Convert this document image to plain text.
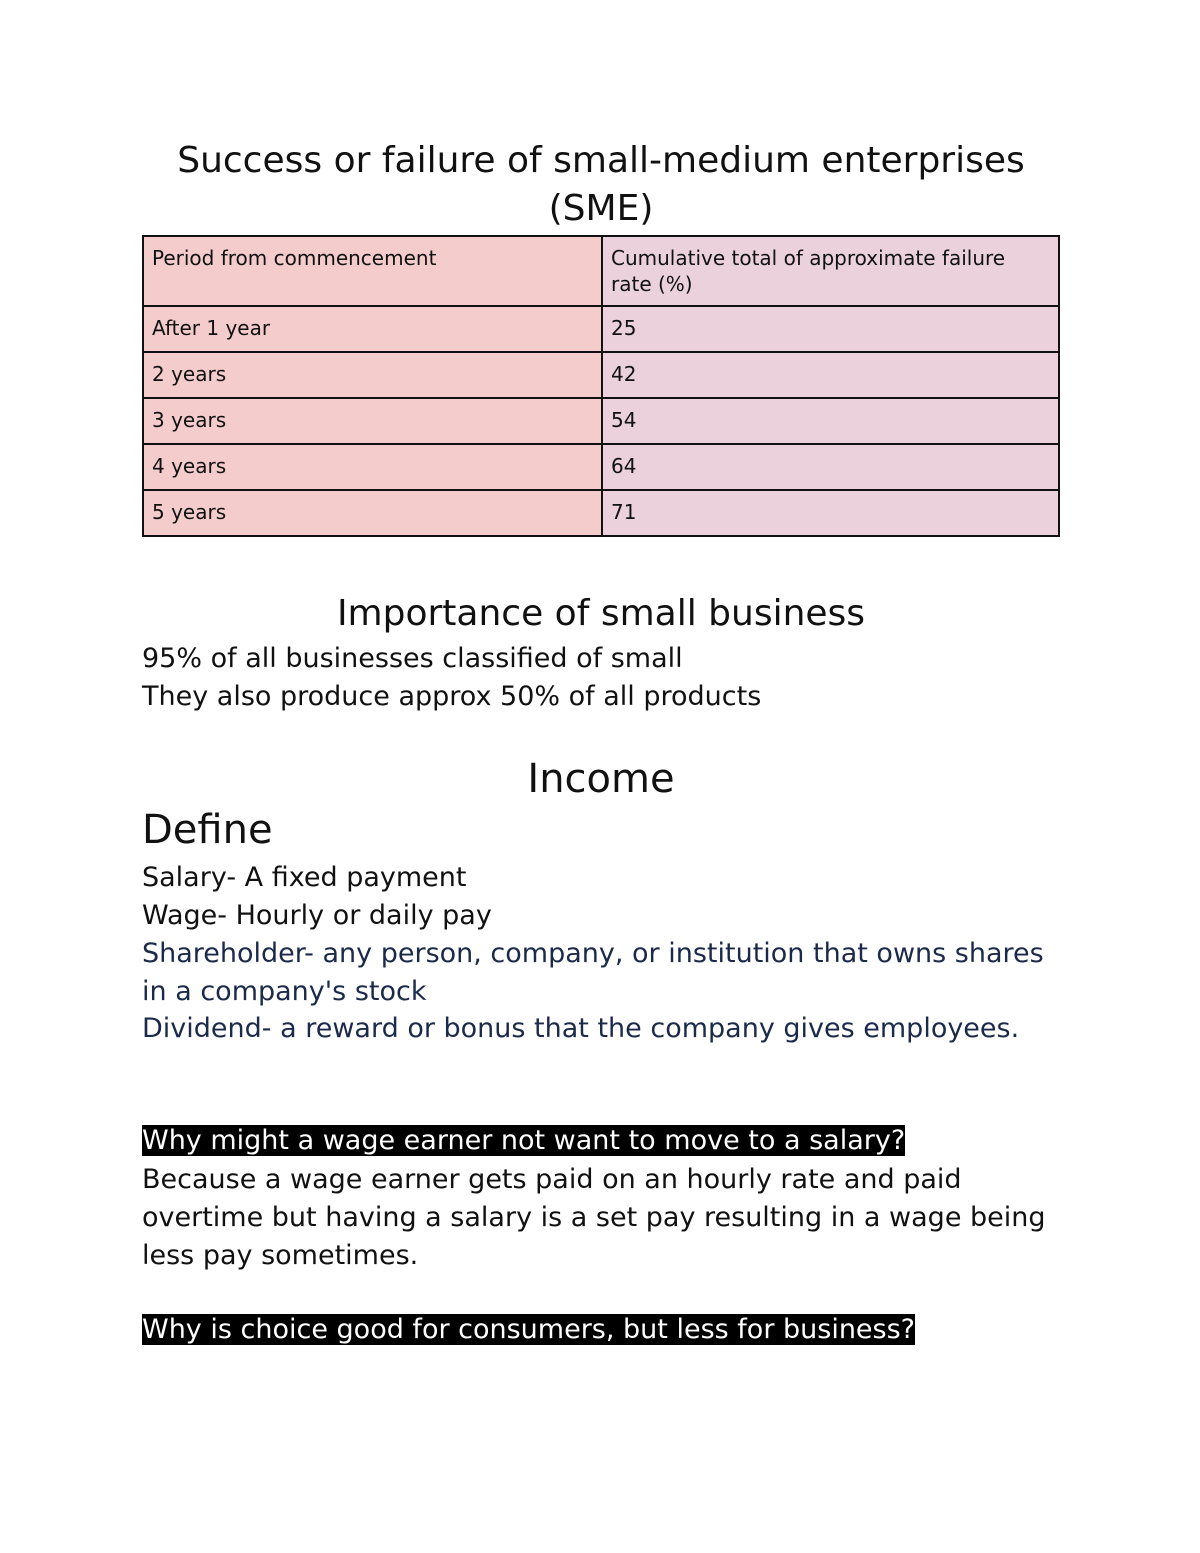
Success or failure of small-medium enterprises (SME)
Period from commencement	Cumulative total of approximate failure rate (%)
After 1 year	25
2 years	42
3 years	54
4 years	64
5 years	71
Importance of small business

95% of all businesses classified of small

They also produce approx 50% of all products

Income
Define

Salary- A fixed payment

Wage- Hourly or daily pay

Shareholder- any person, company, or institution that owns shares in a company's stock

Dividend- a reward or bonus that the company gives employees.

Why might a wage earner not want to move to a salary?

Because a wage earner gets paid on an hourly rate and paid overtime but having a salary is a set pay resulting in a wage being less pay sometimes.

Why is choice good for consumers, but less for business?
